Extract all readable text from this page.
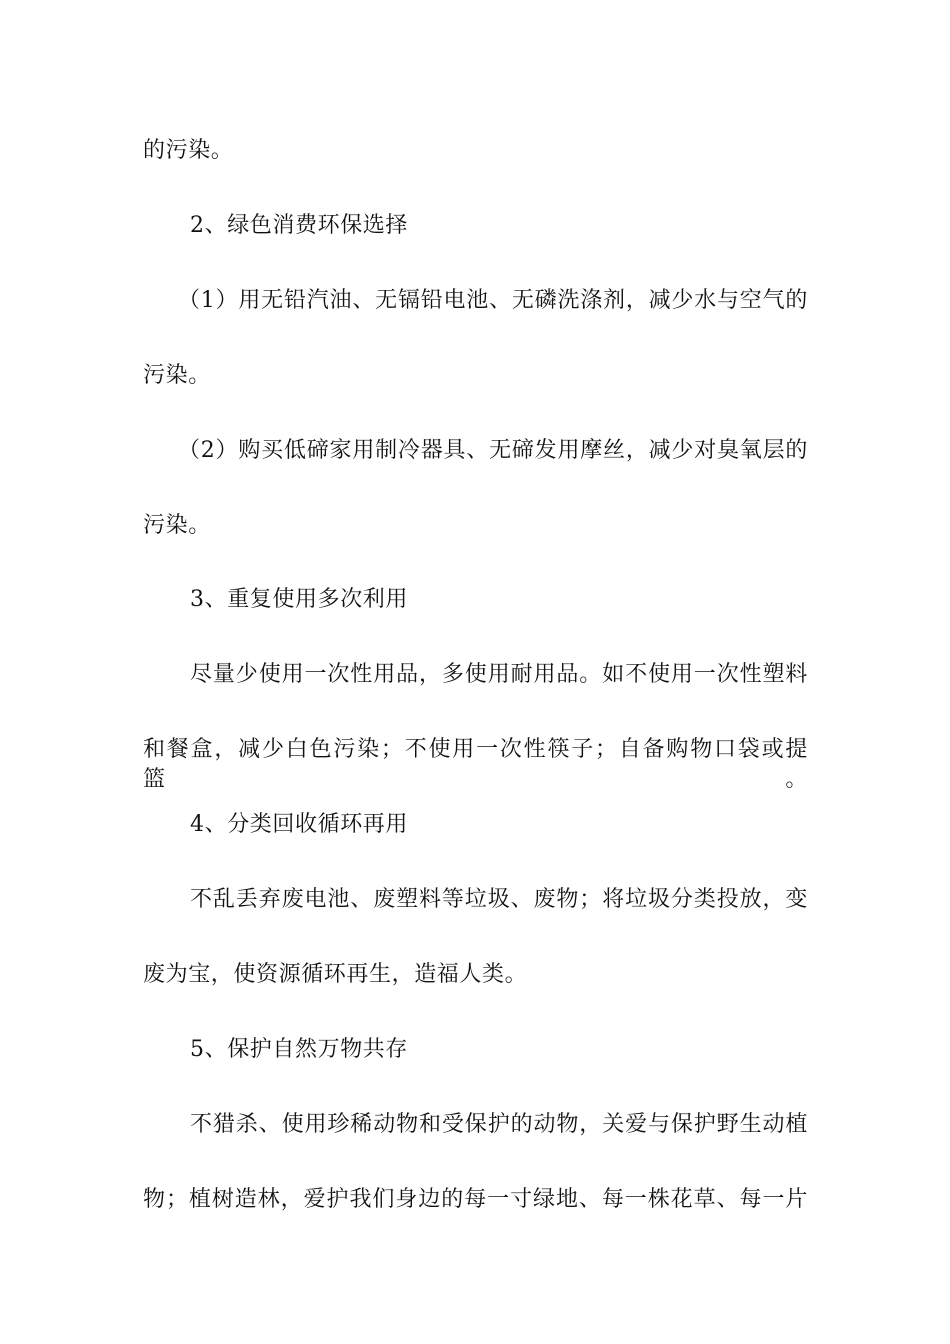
的污染。
2、绿色消费环保选择
（1）用无铅汽油、无镉铅电池、无磷洗涤剂，减少水与空气的
污染。
（2）购买低碲家用制冷器具、无碲发用摩丝，减少对臭氧层的
污染。
3、重复使用多次利用
尽量少使用一次性用品，多使用耐用品。如不使用一次性塑料
和餐盒，减少白色污染；不使用一次性筷子；自备购物口袋或提篮。
4、分类回收循环再用
不乱丢弃废电池、废塑料等垃圾、废物；将垃圾分类投放，变
废为宝，使资源循环再生，造福人类。
5、保护自然万物共存
不猎杀、使用珍稀动物和受保护的动物，关爱与保护野生动植
物；植树造林，爱护我们身边的每一寸绿地、每一株花草、每一片
